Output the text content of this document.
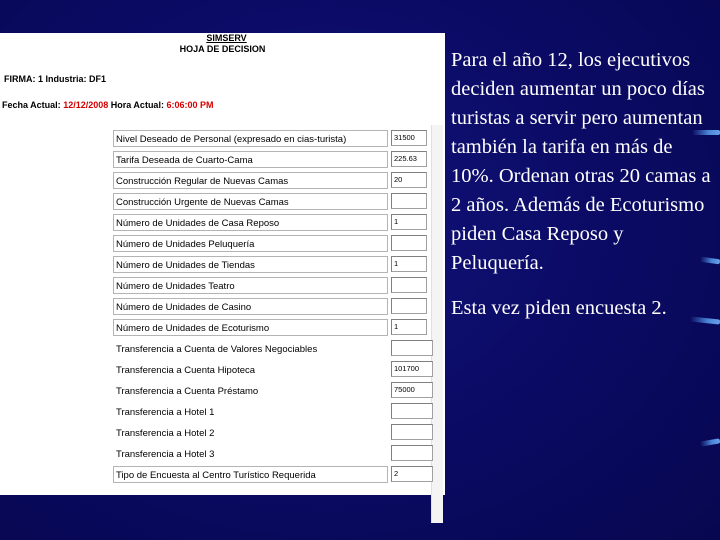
SIMSERV
HOJA DE DECISION
FIRMA: 1 Industria: DF1
Fecha Actual: 12/12/2008 Hora Actual: 6:06:00 PM
Nivel Deseado de Personal (expresado en cias-turista)
31500
Tarifa Deseada de Cuarto-Cama
225.63
Construcción Regular de Nuevas Camas
20
Construcción Urgente de Nuevas Camas
Número de Unidades de Casa Reposo
1
Número de Unidades Peluquería
Número de Unidades de Tiendas
1
Número de Unidades Teatro
Número de Unidades de Casino
Número de Unidades de Ecoturismo
1
Transferencia a Cuenta de Valores Negociables
Transferencia a Cuenta Hipoteca
101700
Transferencia a Cuenta Préstamo
75000
Transferencia a Hotel 1
Transferencia a Hotel 2
Transferencia a Hotel 3
Tipo de Encuesta al Centro Turístico Requerida
2

Para el año 12, los ejecutivos deciden aumentar un poco días turistas a servir pero aumentan también la tarifa en más de 10%. Ordenan otras 20 camas a 2 años. Además de Ecoturismo piden Casa Reposo y Peluquería.

Esta vez piden encuesta 2.
